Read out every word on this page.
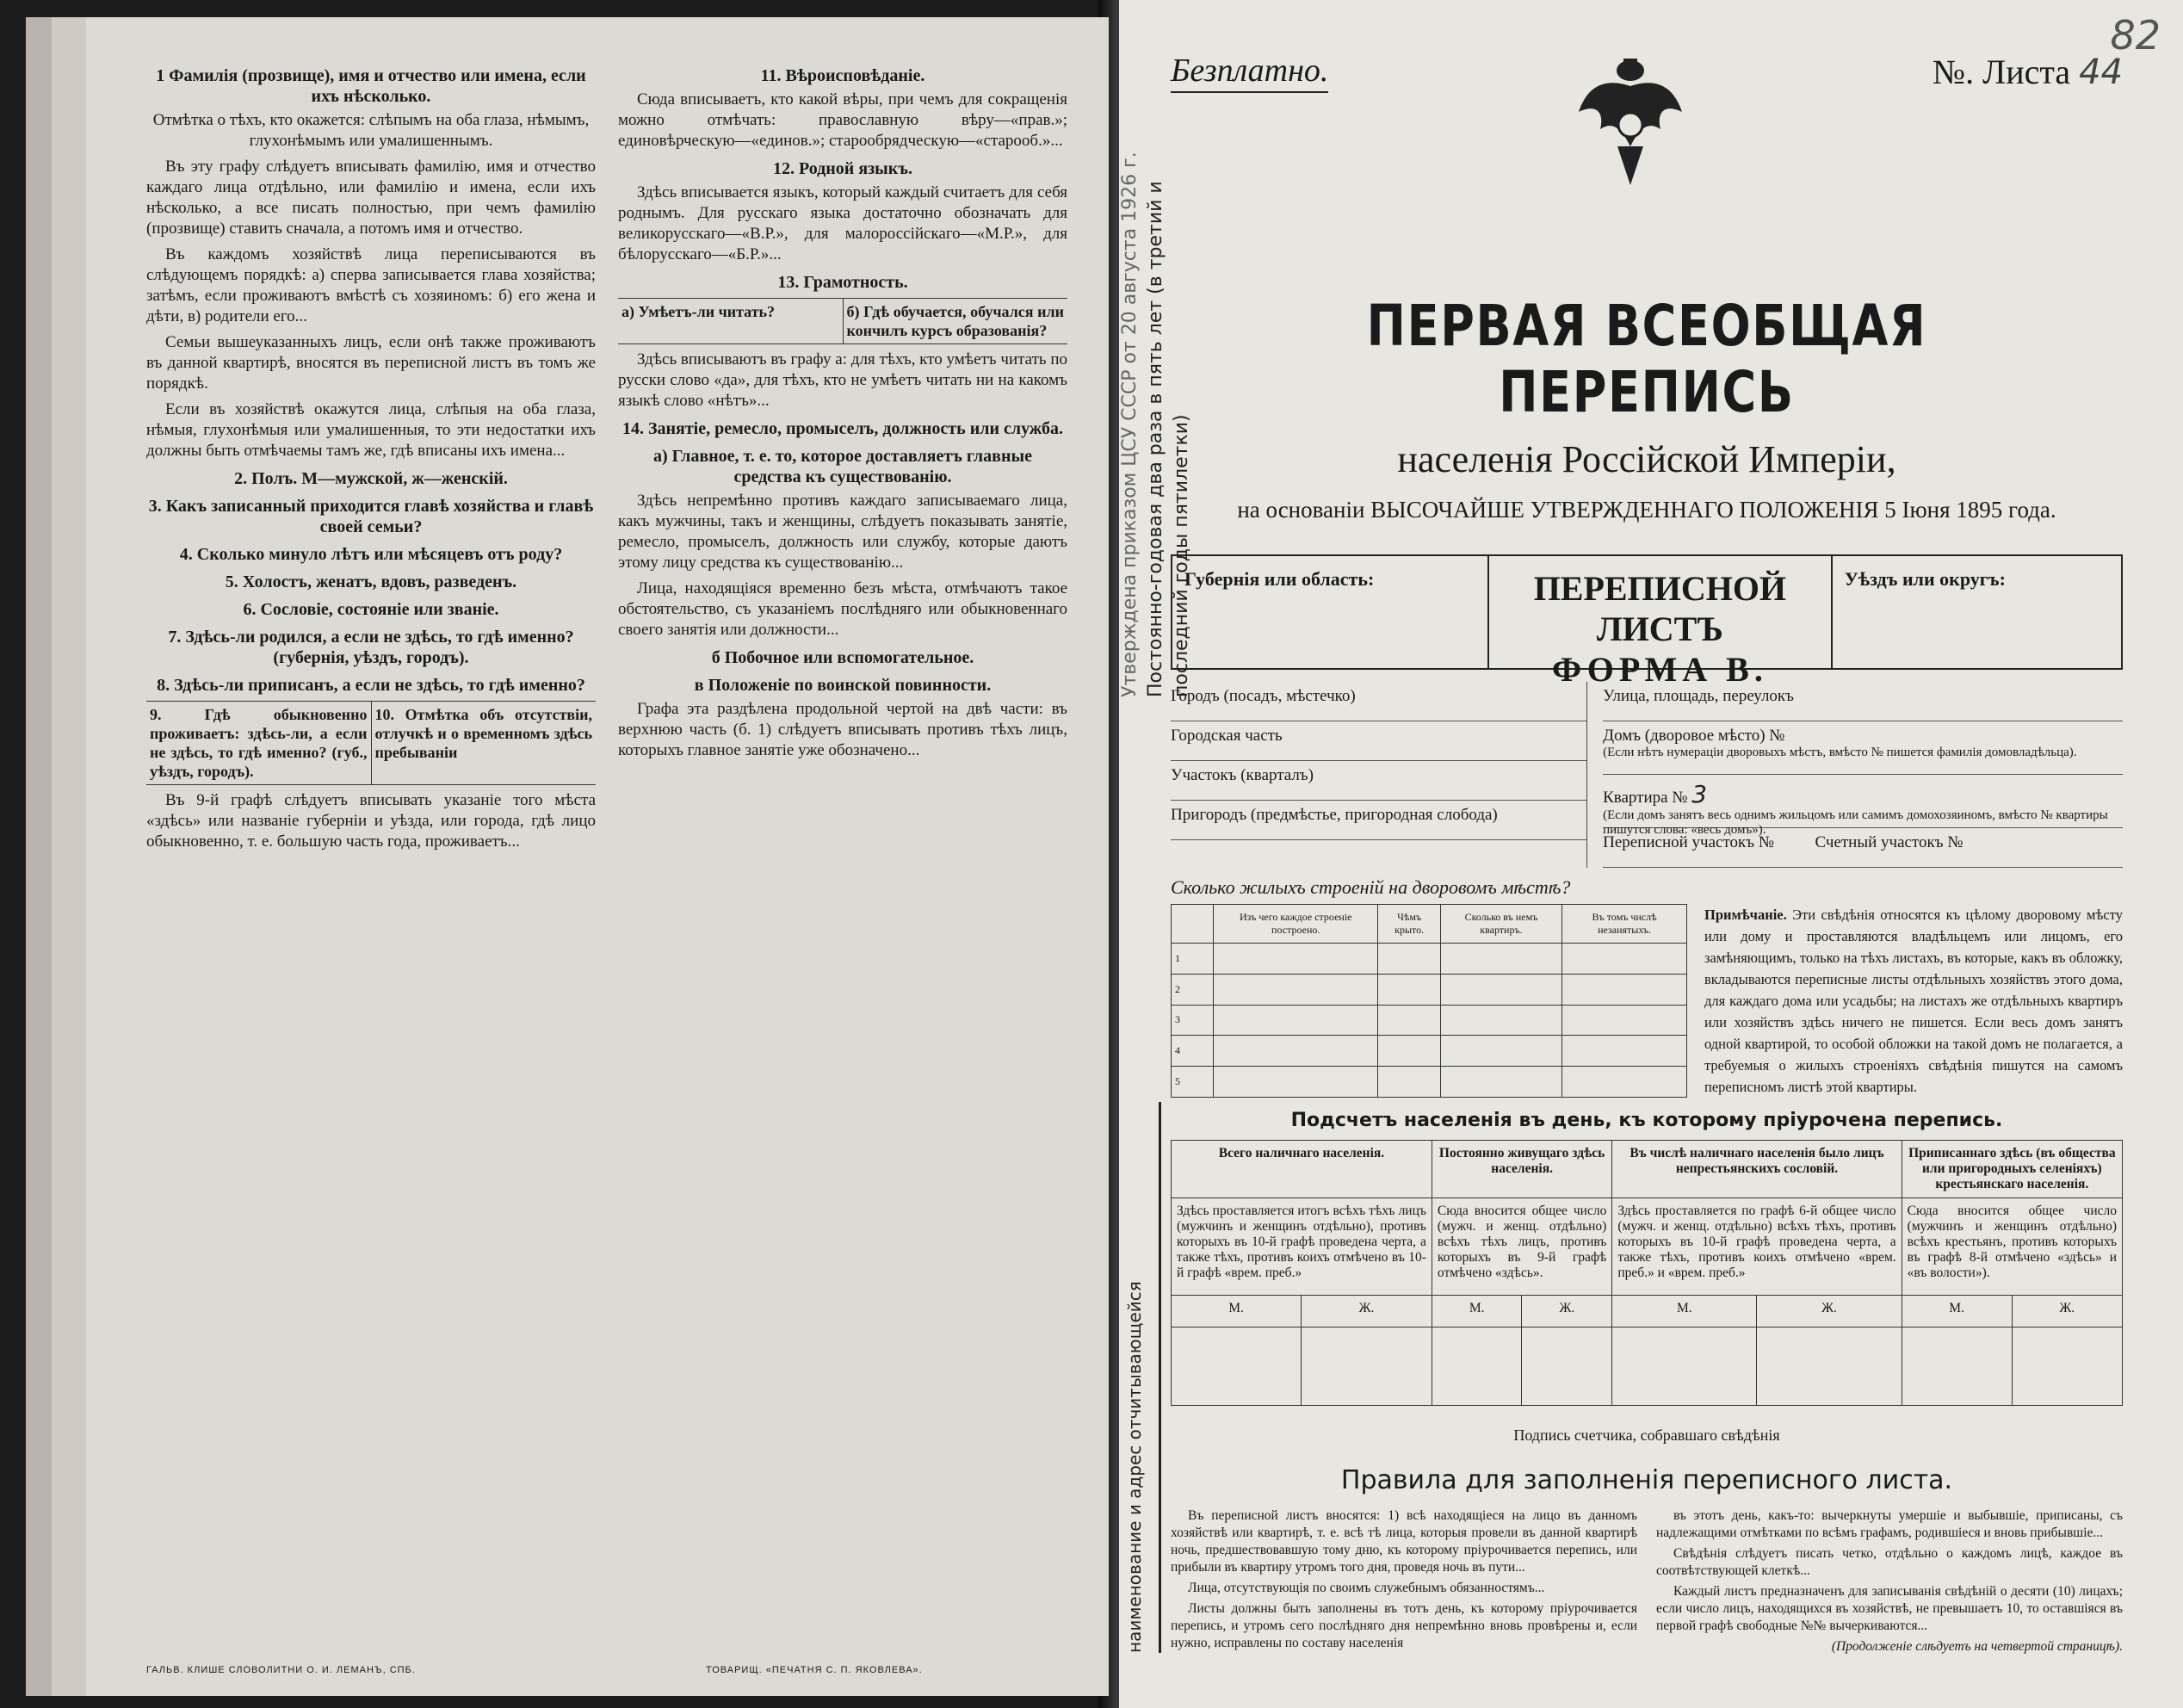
1 Фамилія (прозвище), имя и отчество или имена, если ихъ нѣсколько.

Отмѣтка о тѣхъ, кто окажется: слѣпымъ на оба глаза, нѣмымъ, глухонѣмымъ или умалишеннымъ.

Въ эту графу слѣдуетъ вписывать фамилію, имя и отчество каждаго лица отдѣльно, или фамилію и имена, если ихъ нѣсколько, а все писать полностью, при чемъ фамилію (прозвище) ставить сначала, а потомъ имя и отчество.

Въ каждомъ хозяйствѣ лица переписываются въ слѣдующемъ порядкѣ: а) сперва записывается глава хозяйства; затѣмъ, если проживаютъ вмѣстѣ съ хозяиномъ: б) его жена и дѣти, в) родители его...

Семьи вышеуказанныхъ лицъ, если онѣ также проживаютъ въ данной квартирѣ, вносятся въ переписной листъ въ томъ же порядкѣ.

Если въ хозяйствѣ окажутся лица, слѣпыя на оба глаза, нѣмыя, глухонѣмыя или умалишенныя, то эти недостатки ихъ должны быть отмѣчаемы тамъ же, гдѣ вписаны ихъ имена...

2. Полъ. М—мужской, ж—женскій.
3. Какъ записанный приходится главѣ хозяйства и главѣ своей семьи?
4. Сколько минуло лѣтъ или мѣсяцевъ отъ роду?
5. Холостъ, женатъ, вдовъ, разведенъ.
6. Сословіе, состояніе или званіе.
7. Здѣсь-ли родился, а если не здѣсь, то гдѣ именно? (губернія, уѣздъ, городъ).
8. Здѣсь-ли приписанъ, а если не здѣсь, то гдѣ именно?
9. Гдѣ обыкновенно проживаетъ: здѣсь-ли, а если не здѣсь, то гдѣ именно? (губ., уѣздъ, городъ).
10. Отмѣтка объ отсутствіи, отлучкѣ и о временномъ здѣсь пребываніи

Въ 9-й графѣ слѣдуетъ вписывать указаніе того мѣста «здѣсь» или названіе губерніи и уѣзда, или города, гдѣ лицо обыкновенно, т. е. большую часть года, проживаетъ...

11. Вѣроисповѣданіе.

Сюда вписываетъ, кто какой вѣры, при чемъ для сокращенія можно отмѣчать: православную вѣру—«прав.»; единовѣрческую—«единов.»; старообрядческую—«старооб.»...

12. Родной языкъ.

Здѣсь вписывается языкъ, который каждый считаетъ для себя роднымъ. Для русскаго языка достаточно обозначать для великорусскаго—«В.Р.», для малороссійскаго—«М.Р.», для бѣлорусскаго—«Б.Р.»...

13. Грамотность.
а) Умѣетъ-ли читать?	б) Гдѣ обучается, обучался или кончилъ курсъ образованія?

Здѣсь вписываютъ въ графу а: для тѣхъ, кто умѣетъ читать по русски слово «да», для тѣхъ, кто не умѣетъ читать ни на какомъ языкѣ слово «нѣтъ»...

14. Занятіе, ремесло, промыселъ, должность или служба.
а) Главное, т. е. то, которое доставляетъ главные средства къ существованію.

Здѣсь непремѣнно противъ каждаго записываемаго лица, какъ мужчины, такъ и женщины, слѣдуетъ показывать занятіе, ремесло, промыселъ, должность или службу, которые даютъ этому лицу средства къ существованію...

Лица, находящіяся временно безъ мѣста, отмѣчаютъ такое обстоятельство, съ указаніемъ послѣдняго или обыкновеннаго своего занятія или должности...

б Побочное или вспомогательное.
в Положеніе по воинской повинности.

Графа эта раздѣлена продольной чертой на двѣ части: въ верхнюю часть (б. 1) слѣдуетъ вписывать противъ тѣхъ лицъ, которыхъ главное занятіе уже обозначено...

ГАЛЬВ. КЛИШЕ СЛОВОЛИТНИ О. И. ЛЕМАНЪ, СПБ.	ТОВАРИЩ. «ПЕЧАТНЯ С. П. ЯКОВЛЕВА».
82
Безплатно.	№. Листа 44
ПЕРВАЯ ВСЕОБЩАЯ ПЕРЕПИСЬ
населенія Россійской Имперіи,
на основаніи ВЫСОЧАЙШЕ УТВЕРЖДЕННАГО ПОЛОЖЕНІЯ 5 Іюня 1895 года.
Губернія или область:	ПЕРЕПИСНОЙ ЛИСТЪ
ФОРМА В.
Уѣздъ или округъ:
Городъ (посадъ, мѣстечко)
Городская часть
Участокъ (кварталъ)
Пригородъ (предмѣстье, пригородная слобода)
Улица, площадь, переулокъ
Домъ (дворовое мѣсто) №
(Если нѣтъ нумераціи дворовыхъ мѣстъ, вмѣсто № пишется фамилія домовладѣльца).
Квартира № 3
(Если домъ занятъ весь однимъ жильцомъ или самимъ домохозяиномъ, вмѣсто № квартиры пишутся слова: «весь домъ»).
Переписной участокъ №	Счетный участокъ №
Сколько жилыхъ строеній на дворовомъ мѣстѣ?
	Изъ чего каждое строеніе построено.	Чѣмъ крыто.	Сколько въ немъ квартиръ.	Въ томъ числѣ незанятыхъ.
1				
2				
3				
4				
5				
Примѣчаніе. Эти свѣдѣнія относятся къ цѣлому дворовому мѣсту или дому и проставляются владѣльцемъ или лицомъ, его замѣняющимъ, только на тѣхъ листахъ, въ которые, какъ въ обложку, вкладываются переписные листы отдѣльныхъ хозяйствъ этого дома, для каждаго дома или усадьбы; на листахъ же отдѣльныхъ квартиръ или хозяйствъ здѣсь ничего не пишется. Если весь домъ занятъ одной квартирой, то особой обложки на такой домъ не полагается, а требуемыя о жилыхъ строеніяхъ свѣдѣнія пишутся на самомъ переписномъ листѣ этой квартиры.
Подсчетъ населенія въ день, къ которому пріурочена перепись.
Всего наличнаго населенія.		Постоянно живущаго здѣсь населенія.		Въ числѣ наличнаго населенія было лицъ непрестьянскихъ сословій.		Приписаннаго здѣсь (въ общества или пригородныхъ селеніяхъ) крестьянскаго населенія.	
Здѣсь проставляется итогъ всѣхъ тѣхъ лицъ (мужчинъ и женщинъ отдѣльно), противъ которыхъ въ 10-й графѣ проведена черта, а также тѣхъ, противъ коихъ отмѣчено въ 10-й графѣ «врем. преб.»		Сюда вносится общее число (мужч. и женщ. отдѣльно) всѣхъ тѣхъ лицъ, противъ которыхъ въ 9-й графѣ отмѣчено «здѣсь».		Здѣсь проставляется по графѣ 6-й общее число (мужч. и женщ. отдѣльно) всѣхъ тѣхъ, противъ которыхъ въ 10-й графѣ проведена черта, а также тѣхъ, противъ коихъ отмѣчено «врем. преб.» и «врем. преб.»		Сюда вносится общее число (мужчинъ и женщинъ отдѣльно) всѣхъ крестьянъ, противъ которыхъ въ графѣ 8-й отмѣчено «здѣсь» и «въ волости»).	
М.	Ж.	М.	Ж.	М.	Ж.	М.	Ж.

Подпись счетчика, собравшаго свѣдѣнія
Правила для заполненія переписного листа.

Въ переписной листъ вносятся: 1) всѣ находящіеся на лицо въ данномъ хозяйствѣ или квартирѣ, т. е. всѣ тѣ лица, которыя провели въ данной квартирѣ ночь, предшествовавшую тому дню, къ которому пріурочивается перепись, или прибыли въ квартиру утромъ того дня, проведя ночь въ пути...

Лица, отсутствующія по своимъ служебнымъ обязанностямъ...

Листы должны быть заполнены въ тотъ день, къ которому пріурочивается перепись, и утромъ сего послѣдняго дня непремѣнно вновь провѣрены и, если нужно, исправлены по составу населенія

въ этотъ день, какъ-то: вычеркнуты умершіе и выбывшіе, приписаны, съ надлежащими отмѣтками по всѣмъ графамъ, родившіеся и вновь прибывшіе...

Свѣдѣнія слѣдуетъ писать четко, отдѣльно о каждомъ лицѣ, каждое въ соотвѣтствующей клеткѣ...

Каждый листъ предназначенъ для записыванія свѣдѣній о десяти (10) лицахъ; если число лицъ, находящихся въ хозяйствѣ, не превышаетъ 10, то оставшіяся въ первой графѣ свободные №№ вычеркиваются...

(Продолженіе слѣдуетъ на четвертой страницѣ).
Утверждена приказом ЦСУ СССР от 20 августа 1926 г. Постоянно-годовая два раза в пять лет (в третий и последний годы пятилетки)
наименование и адрес отчитывающейся
